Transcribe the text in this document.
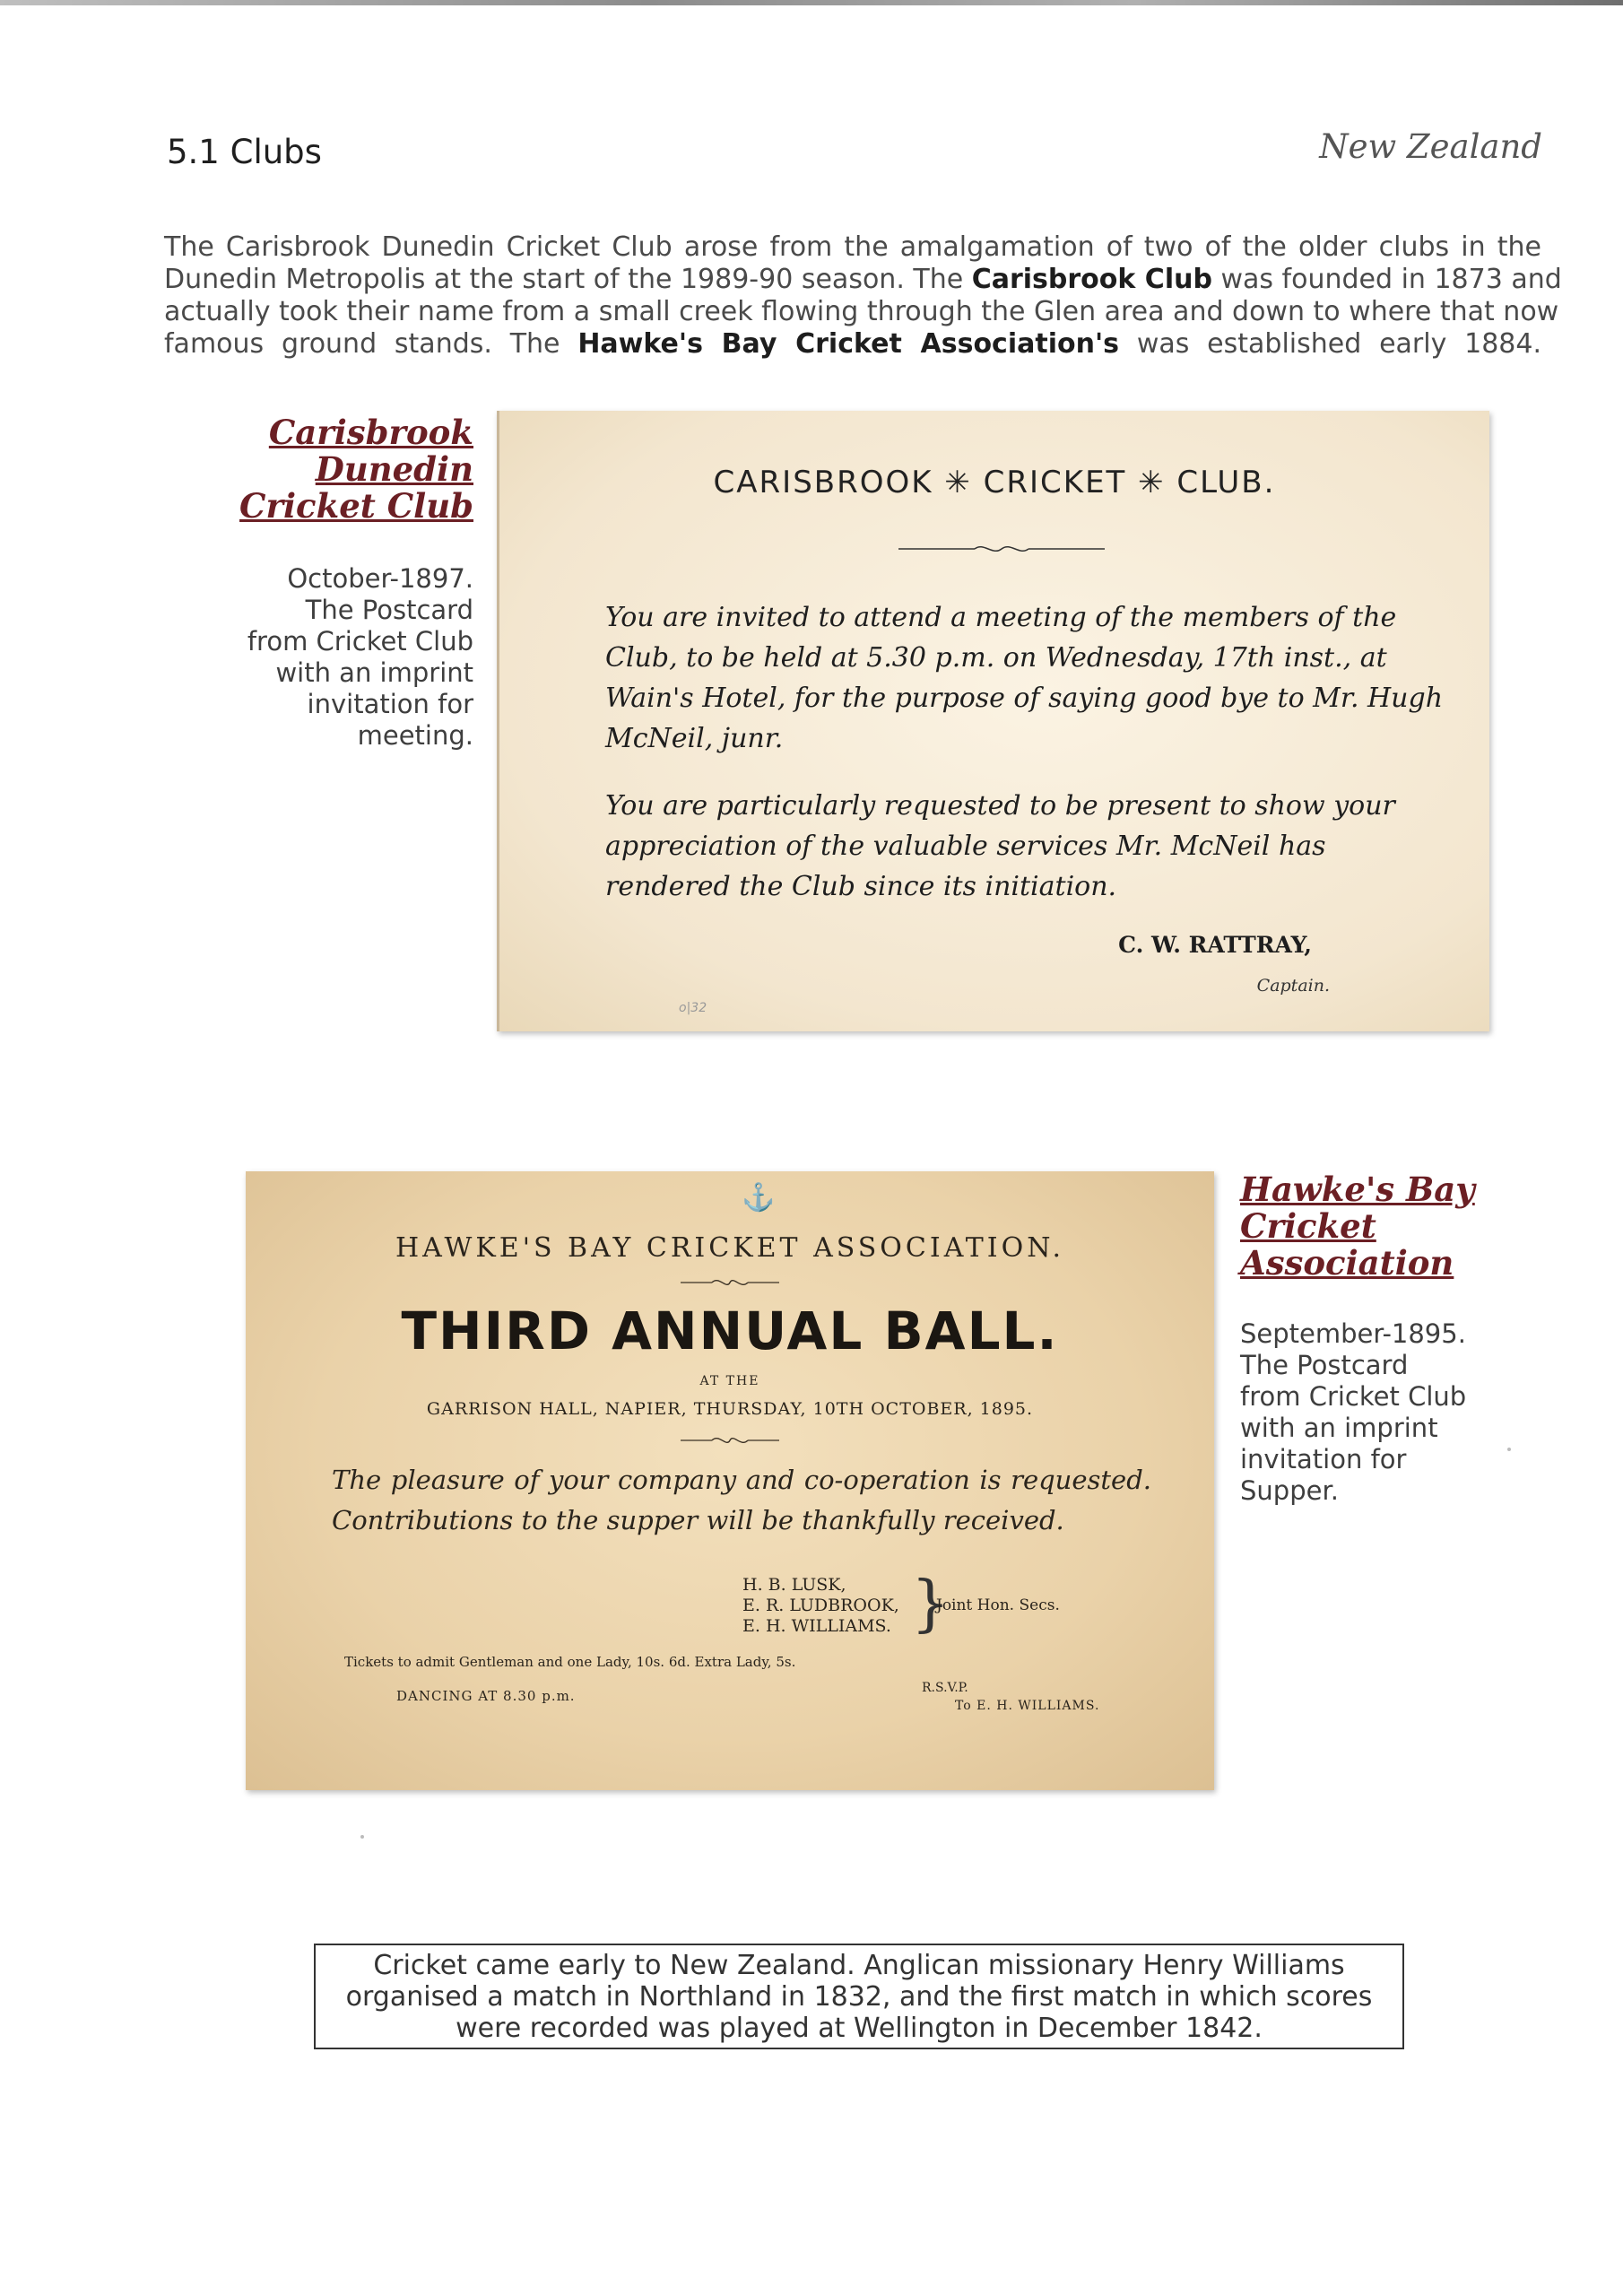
5.1 Clubs	New Zealand

The Carisbrook Dunedin Cricket Club arose from the amalgamation of two of the older clubs in the

Dunedin Metropolis at the start of the 1989-90 season. The Carisbrook Club was founded in 1873 and

actually took their name from a small creek flowing through the Glen area and down to where that now

famous ground stands. The Hawke's Bay Cricket Association's was established early 1884.

Carisbrook
Dunedin
Cricket Club

October-1897.

The Postcard

from Cricket Club

with an imprint

invitation for

meeting.

CARISBROOK ✳ CRICKET ✳ CLUB.

You are invited to attend a meeting of the members of the Club, to be held at 5.30 p.m. on Wednesday, 17th inst., at Wain's Hotel, for the purpose of saying good bye to Mr. Hugh McNeil, junr.

You are particularly requested to be present to show your appreciation of the valuable services Mr. McNeil has rendered the Club since its initiation.

C. W. RATTRAY,
Captain.
o|32
⚓
HAWKE'S BAY CRICKET ASSOCIATION.
THIRD ANNUAL BALL.
AT THE
GARRISON HALL, NAPIER, THURSDAY, 10TH OCTOBER, 1895.

The pleasure of your company and co-operation is requested. Contributions to the supper will be thankfully received.

H. B. LUSK,

E. R. LUDBROOK,

E. H. WILLIAMS. }
Joint Hon. Secs.
Tickets to admit Gentleman and one Lady, 10s. 6d. Extra Lady, 5s.
DANCING AT 8.30 p.m.	R.S.V.P.
To E. H. WILLIAMS.
Hawke's Bay
Cricket
Association

September-1895.

The Postcard

from Cricket Club

with an imprint

invitation for

Supper.

Cricket came early to New Zealand. Anglican missionary Henry Williams

organised a match in Northland in 1832, and the first match in which scores

were recorded was played at Wellington in December 1842.
